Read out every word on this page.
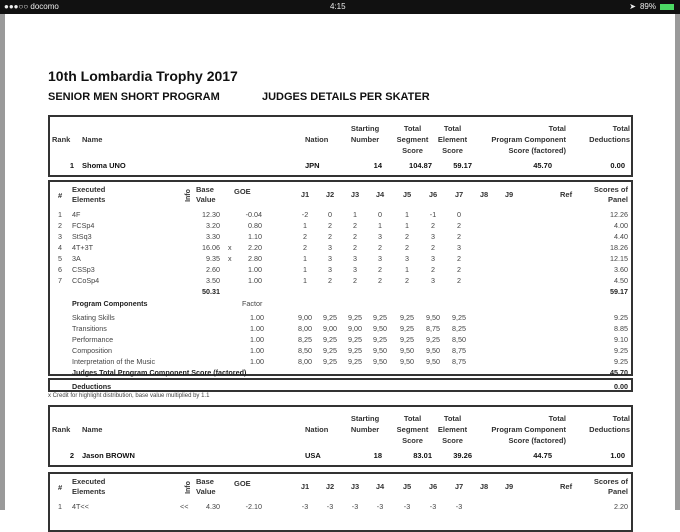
●●●○○ docomo	4:15	➤ 89%
10th Lombardia Trophy 2017
SENIOR MEN SHORT PROGRAM	JUDGES DETAILS PER SKATER
Rank Name	Nation
Starting
Number
Total
Segment
Score
Total
Element
Score
Total
Program Component
Score (factored)
Total
Deductions
1 Shoma UNO	JPN	14	104.87	59.17	45.70	0.00
#
Executed
Elements	Info Base
Value
GOE	J1	J2	J3	J4	J5	J6	J7	J8	J9	Ref
Scores of
Panel
1 4F	12.30	-0.04	-2	0	1	0	1	-1	0	12.26
2 FCSp4	3.20	0.80	1	2	2	1	1	2	2	4.00
3 StSq3	3.30	1.10	2	2	2	3	2	3	2	4.40
4 4T+3T	16.06 x	2.20	2	3	2	2	2	2	3	18.26
5 3A	9.35 x	2.80	1	3	3	3	3	3	2	12.15
6 CSSp3	2.60	1.00	1	3	3	2	1	2	2	3.60
7 CCoSp4	3.50	1.00	1	2	2	2	2	3	2	4.50
50.31	59.17
Program Components	Factor
Skating Skills	1.00	9,00	9,25	9,25	9,25	9,25	9,50	9,25	9.25
Transitions	1.00	8,00	9,00	9,00	9,50	9,25	8,75	8,25	8.85
Performance	1.00	8,25	9,25	9,25	9,25	9,25	9,25	8,50	9.10
Composition	1.00	8,50	9,25	9,25	9,50	9,50	9,50	8,75	9.25
Interpretation of the Music	1.00	8,00	9,25	9,25	9,50	9,50	9,50	8,75	9.25
Judges Total Program Component Score (factored)	45.70
Deductions	0.00
Rank Name	Nation
Starting
Number
Total
Segment
Score
Total
Element
Score
Total
Program Component
Score (factored)
Total
Deductions
2 Jason BROWN	USA	18	83.01	39.26	44.75	1.00
#
Executed
Elements	Info Base
Value
GOE	J1	J2	J3	J4	J5	J6	J7	J8	J9	Ref
Scores of
Panel
1 4T<<	<<	4.30	-2.10	-3	-3	-3	-3	-3	-3	-3	2.20
x Credit for highlight distribution, base value multiplied by 1.1
